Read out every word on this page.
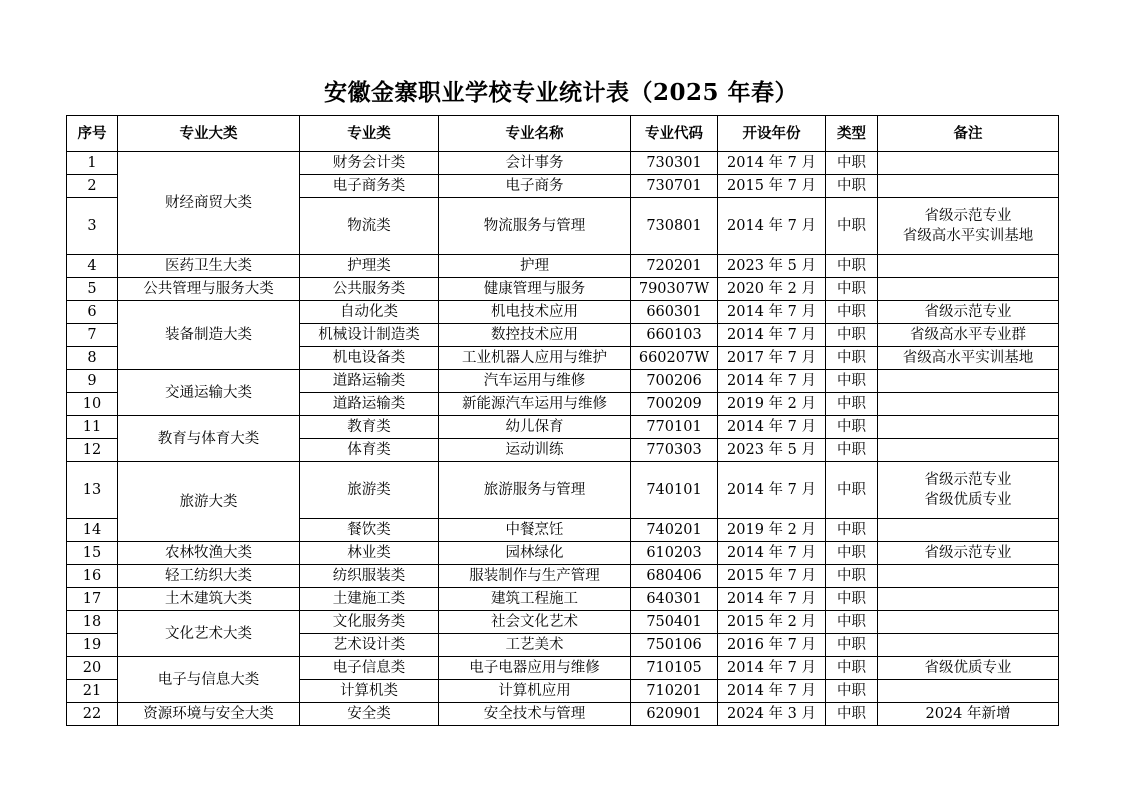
安徽金寨职业学校专业统计表（2025 年春）
序号	专业大类	专业类	专业名称	专业代码	开设年份	类型	备注
1	财经商贸大类	财务会计类	会计事务	730301	2014 年 7 月	中职	
2		电子商务类	电子商务	730701	2015 年 7 月	中职	
3		物流类	物流服务与管理	730801	2014 年 7 月	中职	省级示范专业
省级高水平实训基地

4	医药卫生大类	护理类	护理	720201	2023 年 5 月	中职	
5	公共管理与服务大类	公共服务类	健康管理与服务	790307W	2020 年 2 月	中职	
6	装备制造大类	自动化类	机电技术应用	660301	2014 年 7 月	中职	省级示范专业

7		机械设计制造类	数控技术应用	660103	2014 年 7 月	中职	省级高水平专业群

8		机电设备类	工业机器人应用与维护	660207W	2017 年 7 月	中职	省级高水平实训基地

9	交通运输大类	道路运输类	汽车运用与维修	700206	2014 年 7 月	中职	
10		道路运输类	新能源汽车运用与维修	700209	2019 年 2 月	中职	
11	教育与体育大类	教育类	幼儿保育	770101	2014 年 7 月	中职	
12		体育类	运动训练	770303	2023 年 5 月	中职	
13	旅游大类	旅游类	旅游服务与管理	740101	2014 年 7 月	中职	省级示范专业
省级优质专业

14		餐饮类	中餐烹饪	740201	2019 年 2 月	中职	
15	农林牧渔大类	林业类	园林绿化	610203	2014 年 7 月	中职	省级示范专业

16	轻工纺织大类	纺织服装类	服装制作与生产管理	680406	2015 年 7 月	中职	
17	土木建筑大类	土建施工类	建筑工程施工	640301	2014 年 7 月	中职	
18	文化艺术大类	文化服务类	社会文化艺术	750401	2015 年 2 月	中职	
19		艺术设计类	工艺美术	750106	2016 年 7 月	中职	
20	电子与信息大类	电子信息类	电子电器应用与维修	710105	2014 年 7 月	中职	省级优质专业

21		计算机类	计算机应用	710201	2014 年 7 月	中职	
22	资源环境与安全大类	安全类	安全技术与管理	620901	2024 年 3 月	中职	2024 年新增
